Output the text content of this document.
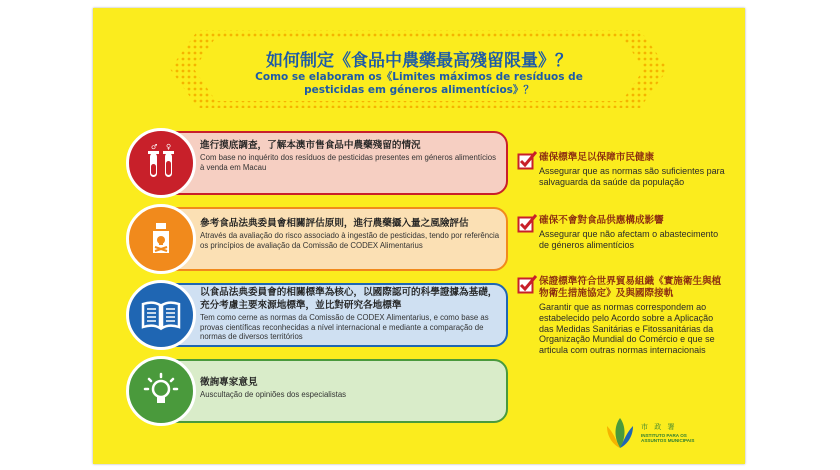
如何制定《食品中農藥最高殘留限量》？
Como se elaboram os《Limites máximos de resíduos de
pesticidas em géneros alimentícios》？
♂ ♀	進行摸底調查，了解本澳市售食品中農藥殘留的情況
Com base no inquérito dos resíduos de pesticidas presentes em géneros alimentícios à venda em Macau
參考食品法典委員會相關評估原則，進行農藥攝入量之風險評估
Através da avaliação do risco associado à ingestão de pesticidas, tendo por referência os princípios de avaliação da Comissão de CODEX Alimentarius
以食品法典委員會的相關標準為核心，以國際認可的科學證據為基礎，充分考慮主要來源地標準，並比對研究各地標準
Tem como cerne as normas da Comissão de CODEX Alimentarius, e como base as provas científicas reconhecidas a nível internacional e mediante a comparação de normas de diversos territórios
徵詢專家意見
Auscultação de opiniões dos especialistas
確保標準足以保障市民健康
Assegurar que as normas são suficientes para salvaguarda da saúde da população
確保不會對食品供應構成影響
Assegurar que não afectam o abastecimento de géneros alimentícios
保證標準符合世界貿易組織《實施衛生與植物衛生措施協定》及與國際接軌
Garantir que as normas correspondem ao estabelecido pelo Acordo sobre a Aplicação das Medidas Sanitárias e Fitossanitárias da Organização Mundial do Comércio e que se articula com outras normas internacionais
市 政 署
INSTITUTO PARA OS
ASSUNTOS MUNICIPAIS
